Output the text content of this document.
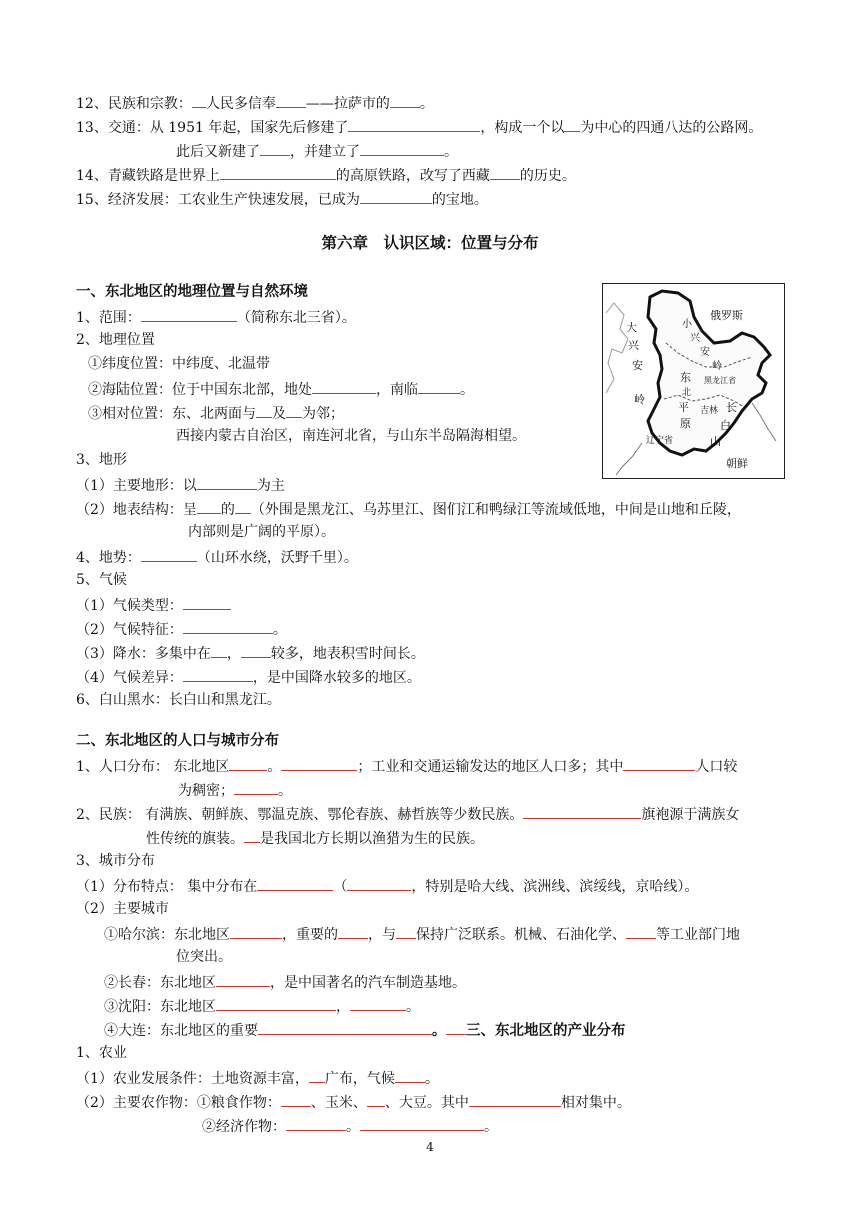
12、民族和宗教： 人民多信奉 ——拉萨市的 。
13、交通：从 1951 年起，国家先后修建了	，构成一个以 为中心的四通八达的公路网。
此后又新建了 ，并建立了	。
14、青藏铁路是世界上	的高原铁路，改写了西藏 的历史。
15、经济发展：工农业生产快速发展，已成为	的宝地。
第六章　认识区域：位置与分布
一、东北地区的地理位置与自然环境
1、范围：	（简称东北三省）。
2、地理位置
①纬度位置：中纬度、北温带
②海陆位置：位于中国东北部，地处	，南临	。
③相对位置：东、北两面与 及 为邻；
西接内蒙古自治区，南连河北省，与山东半岛隔海相望。
3、地形
（1）主要地形：以	为主
（2）地表结构：呈 的 （外围是黑龙江、乌苏里江、图们江和鸭绿江等流域低地，中间是山地和丘陵，
内部则是广阔的平原）。
4、地势：	（山环水绕，沃野千里）。
5、气候
（1）气候类型：
（2）气候特征：	。
（3）降水：多集中在 ， 较多，地表积雪时间长。
（4）气候差异：	，是中国降水较多的地区。
6、白山黑水：长白山和黑龙江。
俄罗斯
大
兴
安
岭
小
兴
安
岭
黑龙江省
东
北
平
原
吉林 长
白
山
辽宁省
朝鲜
二、东北地区的人口与城市分布
1、人口分布： 东北地区	。	；工业和交通运输发达的地区人口多；其中	人口较
为稠密；	。
2、民族： 有满族、朝鲜族、鄂温克族、鄂伦春族、赫哲族等少数民族。	旗袍源于满族女
性传统的旗装。 是我国北方长期以渔猎为生的民族。
3、城市分布
（1）分布特点： 集中分布在	（	，特别是哈大线、滨洲线、滨绥线，京哈线）。
（2）主要城市
①哈尔滨：东北地区	，重要的 ，与 保持广泛联系。机械、石油化学、 等工业部门地
位突出。
②长春：东北地区	，是中国著名的汽车制造基地。
③沈阳：东北地区	，	。
④大连：东北地区的重要	。 三、东北地区的产业分布
1、农业
（1）农业发展条件：土地资源丰富， 广布，气候 。
（2）主要农作物：①粮食作物： 、玉米、 、大豆。其中	相对集中。
②经济作物：	。	。
4
